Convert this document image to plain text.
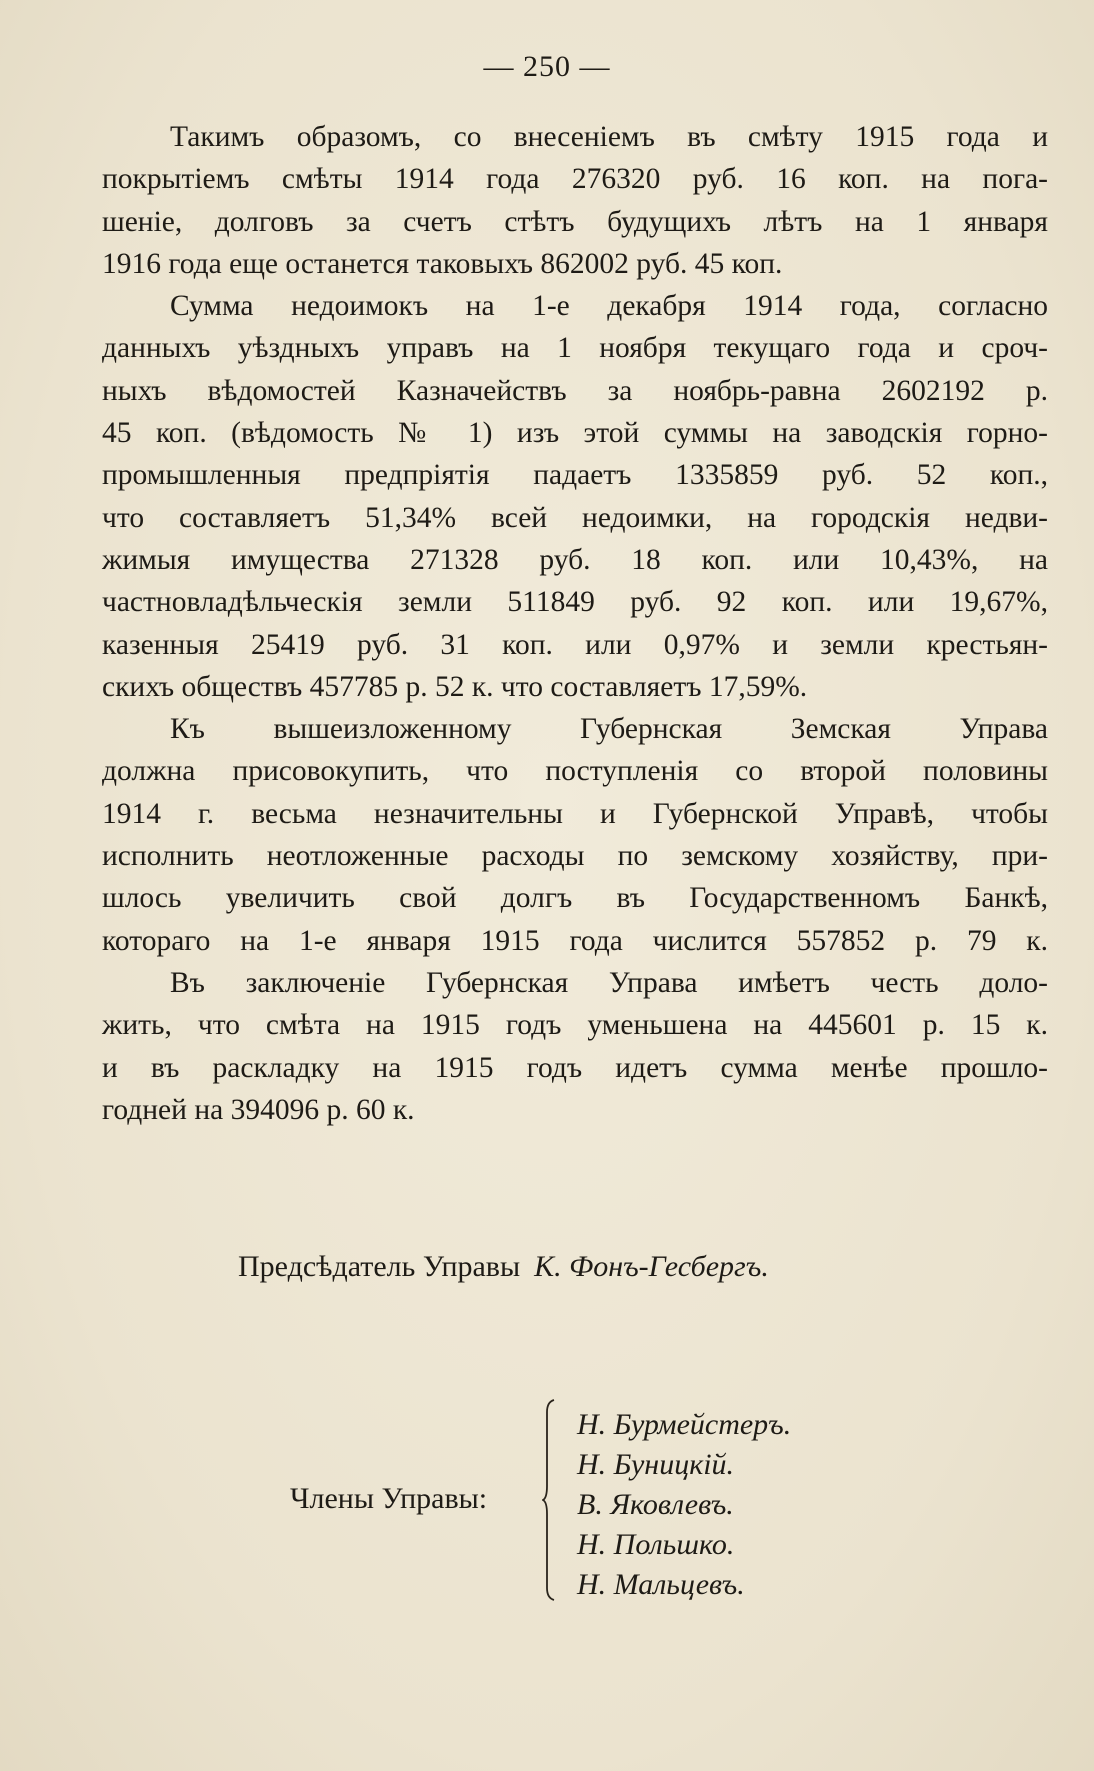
— 250 —
Такимъ образомъ, со внесеніемъ въ смѣту 1915 года и
покрытіемъ смѣты 1914 года 276320 руб. 16 коп. на пога-
шеніе, долговъ за счетъ стѣтъ будущихъ лѣтъ на 1 января
1916 года еще останется таковыхъ 862002 руб. 45 коп.
Сумма недоимокъ на 1-е декабря 1914 года, согласно
данныхъ уѣздныхъ управъ на 1 ноября текущаго года и сроч-
ныхъ вѣдомостей Казначействъ за ноябрь-равна 2602192 р.
45 коп. (вѣдомость № 1) изъ этой суммы на заводскія горно-
промышленныя предпріятія падаетъ 1335859 руб. 52 коп.,
что составляетъ 51,34% всей недоимки, на городскія недви-
жимыя имущества 271328 руб. 18 коп. или 10,43%, на
частновладѣльческія земли 511849 руб. 92 коп. или 19,67%,
казенныя 25419 руб. 31 коп. или 0,97% и земли крестьян-
скихъ обществъ 457785 р. 52 к. что составляетъ 17,59%.
Къ вышеизложенному Губернская Земская Управа
должна присовокупить, что поступленія со второй половины
1914 г. весьма незначительны и Губернской Управѣ, чтобы
исполнить неотложенные расходы по земскому хозяйству, при-
шлось увеличить свой долгъ въ Государственномъ Банкѣ,
котораго на 1-е января 1915 года числится 557852 р. 79 к.
Въ заключеніе Губернская Управа имѣетъ честь доло-
жить, что смѣта на 1915 годъ уменьшена на 445601 р. 15 к.
и въ раскладку на 1915 годъ идетъ сумма менѣе прошло-
годней на 394096 р. 60 к.
Предсѣдатель Управы К. Фонъ-Гесбергъ.
Члены Управы:
Н. Бурмейстеръ.
Н. Буницкій.
В. Яковлевъ.
Н. Польшко.
Н. Мальцевъ.
